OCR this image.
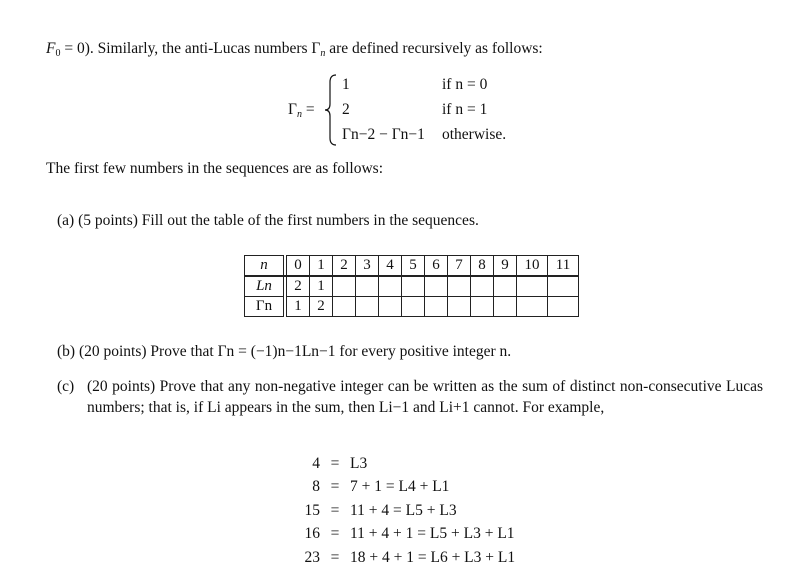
$F_0 = 0$). Similarly, the anti-Lucas numbers $\Gamma_n$ are defined recursively as follows:
$\Gamma_n$ =
1	if n = 0
2	if n = 1
Γn−2 − Γn−1 otherwise.
The first few numbers in the sequences are as follows:
(a) (5 points) Fill out the table of the first numbers in the sequences.
n		0	1	2	3	4	5	6	7	8	9	10	11
Ln		2	1										
Γn		1	2										
(b) (20 points) Prove that Γn = (−1)n−1Ln−1 for every positive integer n.
(c) (20 points) Prove that any non-negative integer can be written as the sum of distinct non-consecutive Lucas numbers; that is, if Li appears in the sum, then Li−1 and Li+1 cannot. For example,
4	=	L3
8	=	7 + 1 = L4 + L1
15	=	11 + 4 = L5 + L3
16	=	11 + 4 + 1 = L5 + L3 + L1
23	=	18 + 4 + 1 = L6 + L3 + L1
